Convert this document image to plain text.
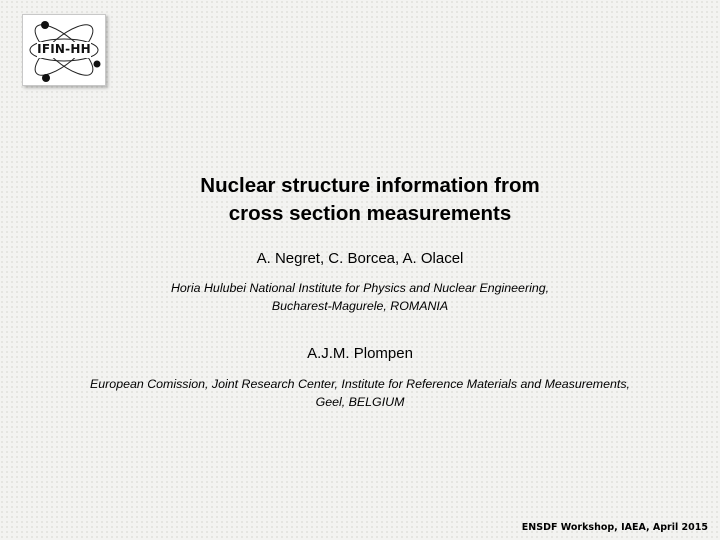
IFIN-HH
Nuclear structure information from
cross section measurements
A. Negret, C. Borcea, A. Olacel
Horia Hulubei National Institute for Physics and Nuclear Engineering,
Bucharest-Magurele, ROMANIA
A.J.M. Plompen
European Comission, Joint Research Center, Institute for Reference Materials and Measurements,
Geel, BELGIUM
ENSDF Workshop, IAEA, April 2015
